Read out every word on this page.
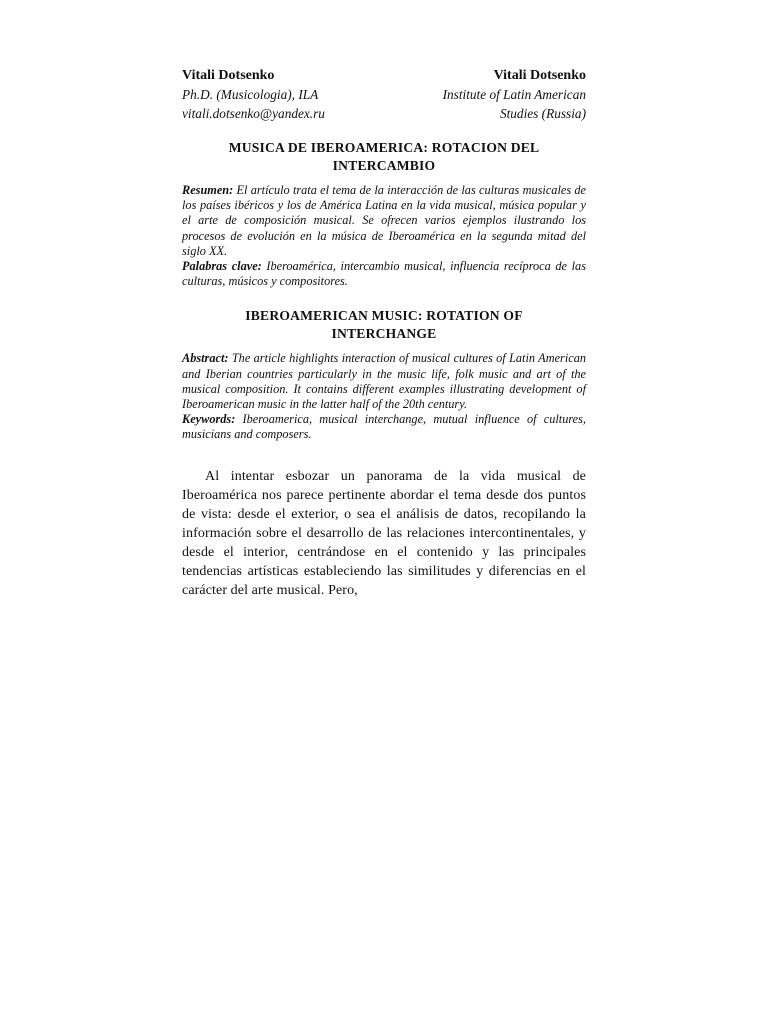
Vitali Dotsenko
Ph.D. (Musicologia), ILA
vitali.dotsenko@yandex.ru
Vitali Dotsenko
Institute of Latin American
Studies (Russia)
MUSICA DE IBEROAMERICA: ROTACION DEL INTERCAMBIO
Resumen: El artículo trata el tema de la interacción de las culturas musicales de los países ibéricos y los de América Latina en la vida musical, música popular y el arte de composición musical. Se ofrecen varios ejemplos ilustrando los procesos de evolución en la música de Iberoamérica en la segunda mitad del siglo XX.
Palabras clave: Iberoamérica, intercambio musical, influencia recíproca de las culturas, músicos y compositores.
IBEROAMERICAN MUSIC: ROTATION OF INTERCHANGE
Abstract: The article highlights interaction of musical cultures of Latin American and Iberian countries particularly in the music life, folk music and art of the musical composition. It contains different examples illustrating development of Iberoamerican music in the latter half of the 20th century.
Keywords: Iberoamerica, musical interchange, mutual influence of cultures, musicians and composers.

Al intentar esbozar un panorama de la vida musical de Iberoamérica nos parece pertinente abordar el tema desde dos puntos de vista: desde el exterior, o sea el análisis de datos, recopilando la información sobre el desarrollo de las relaciones intercontinentales, y desde el interior, centrándose en el contenido y las principales tendencias artísticas estableciendo las similitudes y diferencias en el carácter del arte musical. Pero,
